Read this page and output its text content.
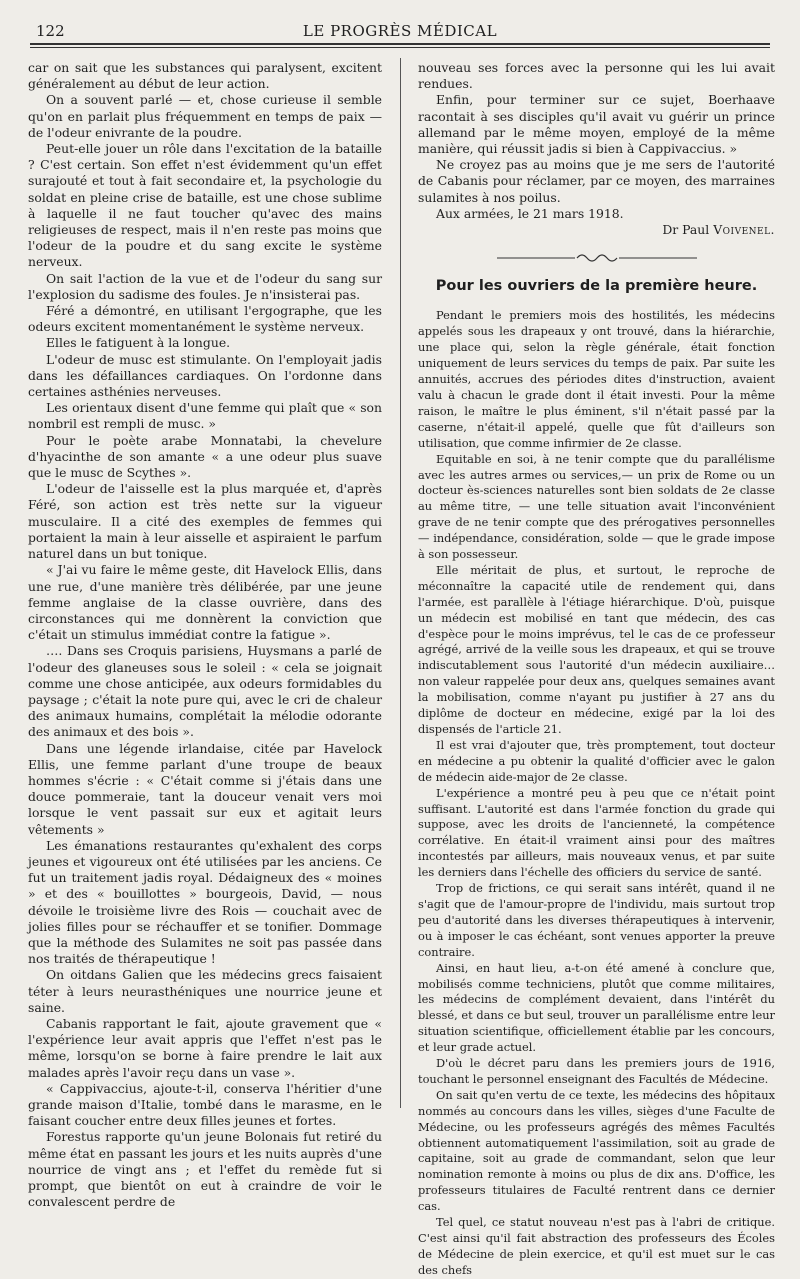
122	LE PROGRÈS MÉDICAL

car on sait que les substances qui paralysent, excitent généralement au début de leur action.

On a souvent parlé — et, chose curieuse il semble qu'on en parlait plus fréquemment en temps de paix — de l'odeur enivrante de la poudre.

Peut-elle jouer un rôle dans l'excitation de la bataille ? C'est certain. Son effet n'est évidemment qu'un effet surajouté et tout à fait secondaire et, la psychologie du soldat en pleine crise de bataille, est une chose sublime à laquelle il ne faut toucher qu'avec des mains religieuses de respect, mais il n'en reste pas moins que l'odeur de la poudre et du sang excite le système nerveux.

On sait l'action de la vue et de l'odeur du sang sur l'explosion du sadisme des foules. Je n'insisterai pas.

Féré a démontré, en utilisant l'ergographe, que les odeurs excitent momentanément le système nerveux.

Elles le fatiguent à la longue.

L'odeur de musc est stimulante. On l'employait jadis dans les défaillances cardiaques. On l'ordonne dans certaines asthénies nerveuses.

Les orientaux disent d'une femme qui plaît que « son nombril est rempli de musc. »

Pour le poète arabe Monnatabi, la chevelure d'hyacinthe de son amante « a une odeur plus suave que le musc de Scythes ».

L'odeur de l'aisselle est la plus marquée et, d'après Féré, son action est très nette sur la vigueur musculaire. Il a cité des exemples de femmes qui portaient la main à leur aisselle et aspiraient le parfum naturel dans un but tonique.

« J'ai vu faire le même geste, dit Havelock Ellis, dans une rue, d'une manière très délibérée, par une jeune femme anglaise de la classe ouvrière, dans des circonstances qui me donnèrent la conviction que c'était un stimulus immédiat contre la fatigue ».

…. Dans ses Croquis parisiens, Huysmans a parlé de l'odeur des glaneuses sous le soleil : « cela se joignait comme une chose anticipée, aux odeurs formidables du paysage ; c'était la note pure qui, avec le cri de chaleur des animaux humains, complétait la mélodie odorante des animaux et des bois ».

Dans une légende irlandaise, citée par Havelock Ellis, une femme parlant d'une troupe de beaux hommes s'écrie : « C'était comme si j'étais dans une douce pommeraie, tant la douceur venait vers moi lorsque le vent passait sur eux et agitait leurs vêtements »

Les émanations restaurantes qu'exhalent des corps jeunes et vigoureux ont été utilisées par les anciens. Ce fut un traitement jadis royal. Dédaigneux des « moines » et des « bouillottes » bourgeois, David, — nous dévoile le troisième livre des Rois — couchait avec de jolies filles pour se réchauffer et se tonifier. Dommage que la méthode des Sulamites ne soit pas passée dans nos traités de thérapeutique !

On oitdans Galien que les médecins grecs faisaient téter à leurs neurasthéniques une nourrice jeune et saine.

Cabanis rapportant le fait, ajoute gravement que « l'expérience leur avait appris que l'effet n'est pas le même, lorsqu'on se borne à faire prendre le lait aux malades après l'avoir reçu dans un vase ».

« Cappivaccius, ajoute-t-il, conserva l'héritier d'une grande maison d'Italie, tombé dans le marasme, en le faisant coucher entre deux filles jeunes et fortes.

Forestus rapporte qu'un jeune Bolonais fut retiré du même état en passant les jours et les nuits auprès d'une nourrice de vingt ans ; et l'effet du remède fut si prompt, que bientôt on eut à craindre de voir le convalescent perdre de

nouveau ses forces avec la personne qui les lui avait rendues.

Enfin, pour terminer sur ce sujet, Boerhaave racontait à ses disciples qu'il avait vu guérir un prince allemand par le même moyen, employé de la même manière, qui réussit jadis si bien à Cappivaccius. »

Ne croyez pas au moins que je me sers de l'autorité de Cabanis pour réclamer, par ce moyen, des marraines sulamites à nos poilus.

Aux armées, le 21 mars 1918.

Dr Paul Voivenel.

Pour les ouvriers de la première heure.

Pendant le premiers mois des hostilités, les médecins appelés sous les drapeaux y ont trouvé, dans la hiérarchie, une place qui, selon la règle générale, était fonction uniquement de leurs services du temps de paix. Par suite les annuités, accrues des périodes dites d'instruction, avaient valu à chacun le grade dont il était investi. Pour la même raison, le maître le plus éminent, s'il n'était passé par la caserne, n'était-il appelé, quelle que fût d'ailleurs son utilisation, que comme infirmier de 2e classe.

Equitable en soi, à ne tenir compte que du parallélisme avec les autres armes ou services,— un prix de Rome ou un docteur ès-sciences naturelles sont bien soldats de 2e classe au même titre, — une telle situation avait l'inconvénient grave de ne tenir compte que des prérogatives personnelles— indépendance, considération, solde — que le grade impose à son possesseur.

Elle méritait de plus, et surtout, le reproche de méconnaître la capacité utile de rendement qui, dans l'armée, est parallèle à l'étiage hiérarchique. D'où, puisque un médecin est mobilisé en tant que médecin, des cas d'espèce pour le moins imprévus, tel le cas de ce professeur agrégé, arrivé de la veille sous les drapeaux, et qui se trouve indiscutablement sous l'autorité d'un médecin auxiliaire… non valeur rappelée pour deux ans, quelques semaines avant la mobilisation, comme n'ayant pu justifier à 27 ans du diplôme de docteur en médecine, exigé par la loi des dispensés de l'article 21.

Il est vrai d'ajouter que, très promptement, tout docteur en médecine a pu obtenir la qualité d'officier avec le galon de médecin aide-major de 2e classe.

L'expérience a montré peu à peu que ce n'était point suffisant. L'autorité est dans l'armée fonction du grade qui suppose, avec les droits de l'ancienneté, la compétence corrélative. En était-il vraiment ainsi pour des maîtres incontestés par ailleurs, mais nouveaux venus, et par suite les derniers dans l'échelle des officiers du service de santé.

Trop de frictions, ce qui serait sans intérêt, quand il ne s'agit que de l'amour-propre de l'individu, mais surtout trop peu d'autorité dans les diverses thérapeutiques à intervenir, ou à imposer le cas échéant, sont venues apporter la preuve contraire.

Ainsi, en haut lieu, a-t-on été amené à conclure que, mobilisés comme techniciens, plutôt que comme militaires, les médecins de complément devaient, dans l'intérêt du blessé, et dans ce but seul, trouver un parallélisme entre leur situation scientifique, officiellement établie par les concours, et leur grade actuel.

D'où le décret paru dans les premiers jours de 1916, touchant le personnel enseignant des Facultés de Médecine.

On sait qu'en vertu de ce texte, les médecins des hôpitaux nommés au concours dans les villes, sièges d'une Faculte de Médecine, ou les professeurs agrégés des mêmes Facultés obtiennent automatiquement l'assimilation, soit au grade de capitaine, soit au grade de commandant, selon que leur nomination remonte à moins ou plus de dix ans. D'office, les professeurs titulaires de Faculté rentrent dans ce dernier cas.

Tel quel, ce statut nouveau n'est pas à l'abri de critique. C'est ainsi qu'il fait abstraction des professeurs des Écoles de Médecine de plein exercice, et qu'il est muet sur le cas des chefs
